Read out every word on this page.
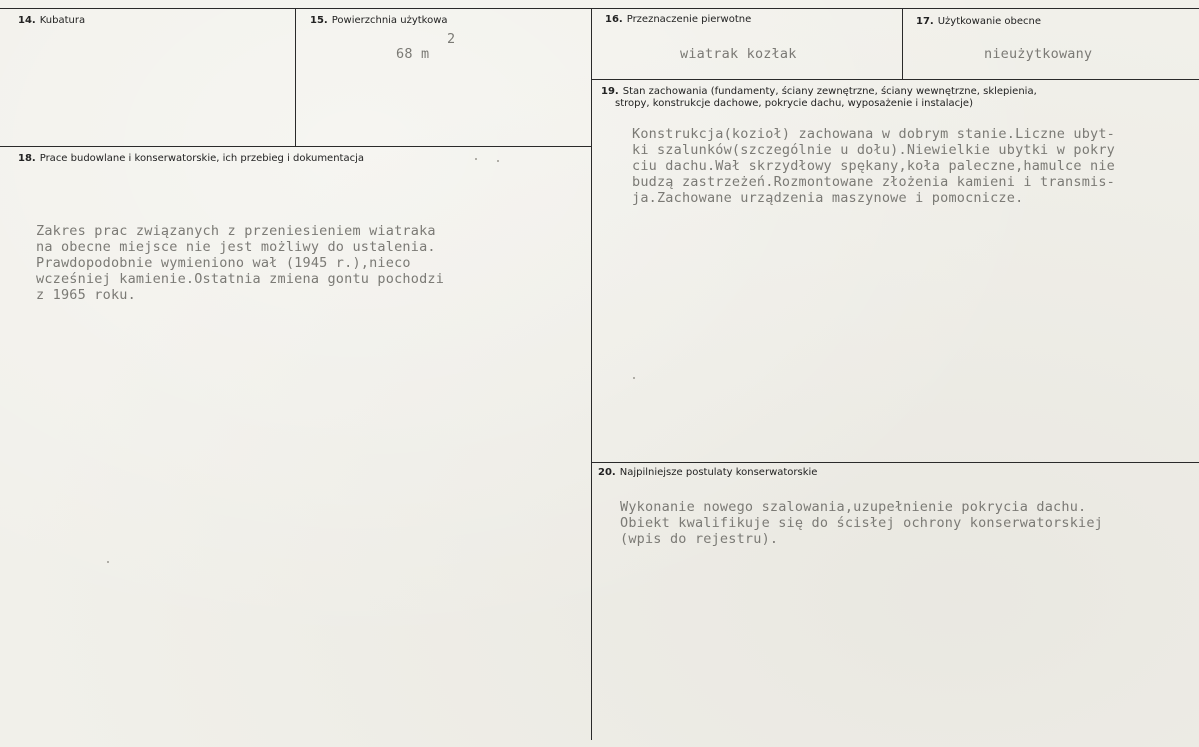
14. Kubatura	15. Powierzchnia użytkowa
2
68 m
16. Przeznaczenie pierwotne
wiatrak kozłak
17. Użytkowanie obecne
nieużytkowany
18. Prace budowlane i konserwatorskie, ich przebieg i dokumentacja
Zakres prac związanych z przeniesieniem wiatraka
na obecne miejsce nie jest możliwy do ustalenia.
Prawdopodobnie wymieniono wał (1945 r.),nieco
wcześniej kamienie.Ostatnia zmiena gontu pochodzi
z 1965 roku.
19. Stan zachowania (fundamenty, ściany zewnętrzne, ściany wewnętrzne, sklepienia,
stropy, konstrukcje dachowe, pokrycie dachu, wyposażenie i instalacje)
Konstrukcja(kozioł) zachowana w dobrym stanie.Liczne ubyt-
ki szalunków(szczególnie u dołu).Niewielkie ubytki w pokry
ciu dachu.Wał skrzydłowy spękany,koła paleczne,hamulce nie
budzą zastrzeżeń.Rozmontowane złożenia kamieni i transmis-
ja.Zachowane urządzenia maszynowe i pomocnicze.
20. Najpilniejsze postulaty konserwatorskie
Wykonanie nowego szalowania,uzupełnienie pokrycia dachu.
Obiekt kwalifikuje się do ścisłej ochrony konserwatorskiej
(wpis do rejestru).
